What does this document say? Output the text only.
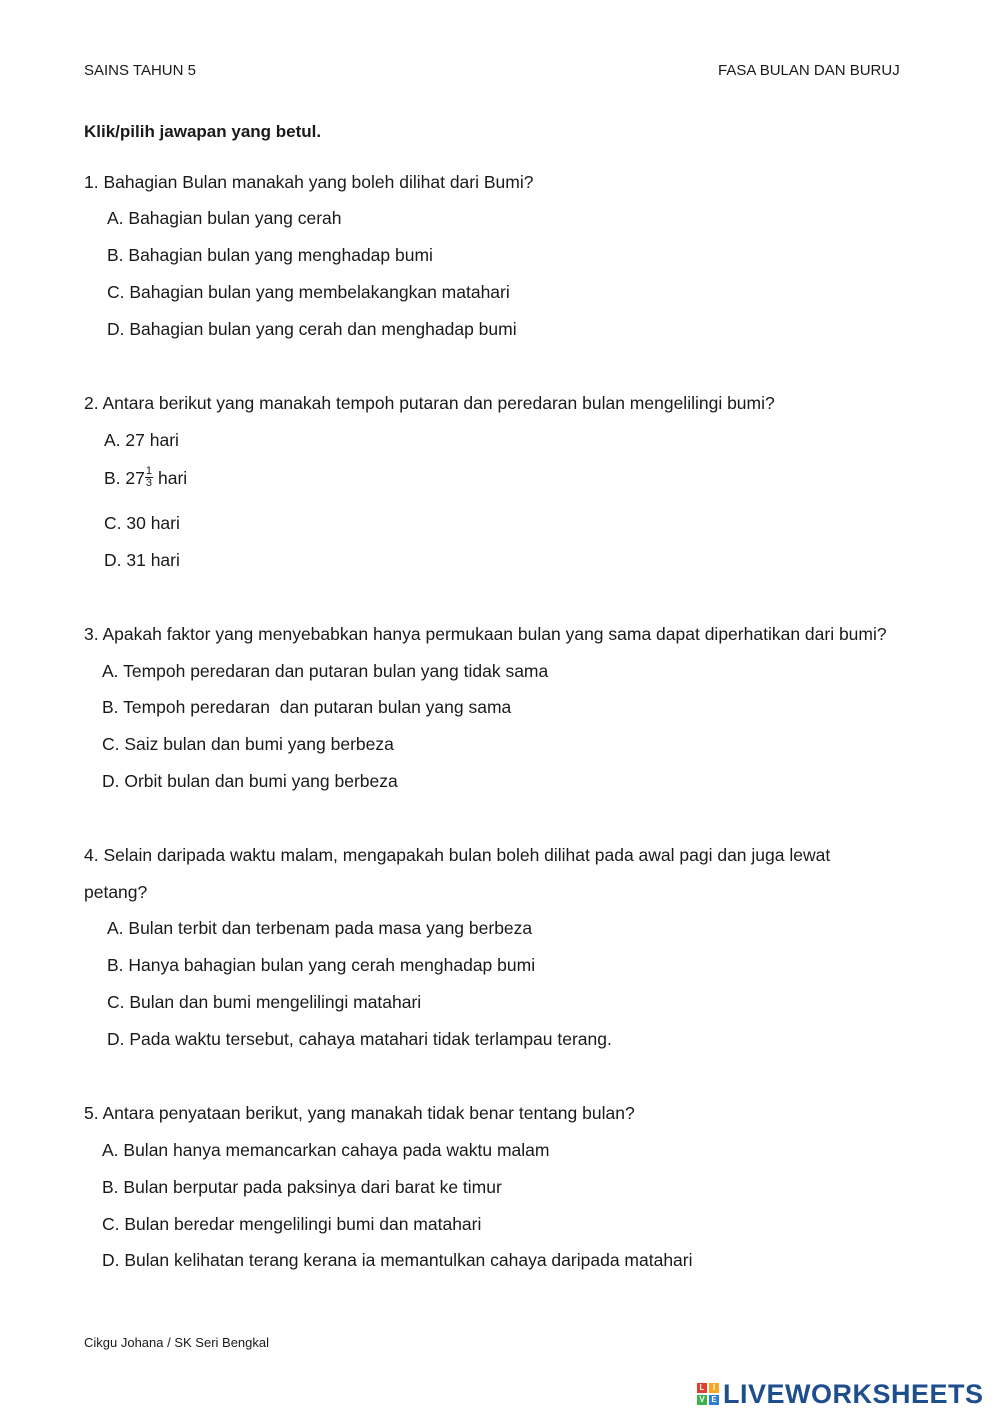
SAINS TAHUN 5	FASA BULAN DAN BURUJ
Klik/pilih jawapan yang betul.
1. Bahagian Bulan manakah yang boleh dilihat dari Bumi?
A. Bahagian bulan yang cerah
B. Bahagian bulan yang menghadap bumi
C. Bahagian bulan yang membelakangkan matahari
D. Bahagian bulan yang cerah dan menghadap bumi
2. Antara berikut yang manakah tempoh putaran dan peredaran bulan mengelilingi bumi?
A. 27 hari
B. $27 \frac{1}{3}$ hari
C. 30 hari
D. 31 hari
3. Apakah faktor yang menyebabkan hanya permukaan bulan yang sama dapat diperhatikan dari bumi?
A. Tempoh peredaran dan putaran bulan yang tidak sama
B. Tempoh peredaran  dan putaran bulan yang sama
C. Saiz bulan dan bumi yang berbeza
D. Orbit bulan dan bumi yang berbeza
4. Selain daripada waktu malam, mengapakah bulan boleh dilihat pada awal pagi dan juga lewat
petang?
A. Bulan terbit dan terbenam pada masa yang berbeza
B. Hanya bahagian bulan yang cerah menghadap bumi
C. Bulan dan bumi mengelilingi matahari
D. Pada waktu tersebut, cahaya matahari tidak terlampau terang.
5. Antara penyataan berikut, yang manakah tidak benar tentang bulan?
A. Bulan hanya memancarkan cahaya pada waktu malam
B. Bulan berputar pada paksinya dari barat ke timur
C. Bulan beredar mengelilingi bumi dan matahari
D. Bulan kelihatan terang kerana ia memantulkan cahaya daripada matahari
Cikgu Johana / SK Seri Bengkal
L	I
V E LIVEWORKSHEETS
